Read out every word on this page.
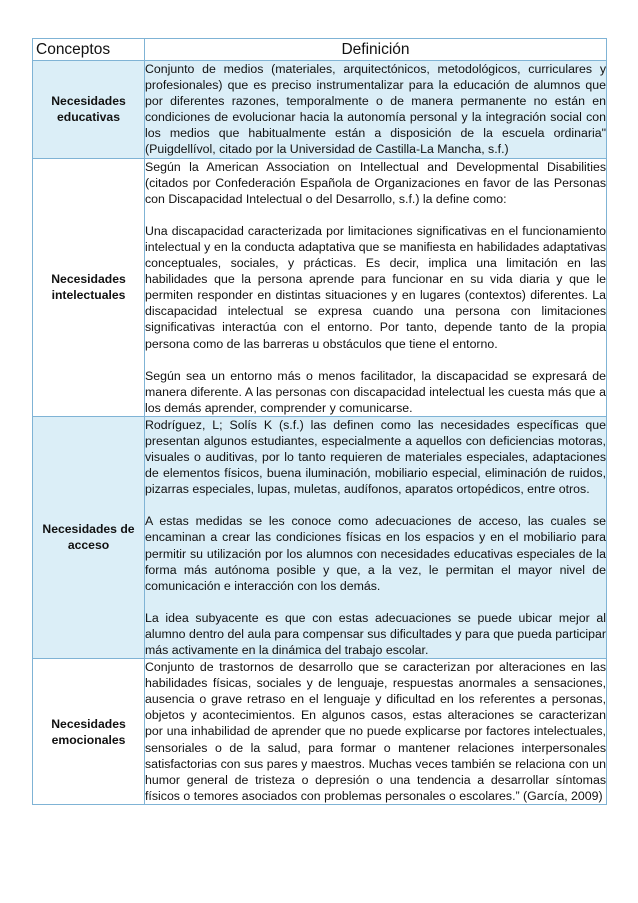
Conceptos	Definición
Necesidades educativas	Conjunto de medios (materiales, arquitectónicos, metodológicos, curriculares y profesionales) que es preciso instrumentalizar para la educación de alumnos que por diferentes razones, temporalmente o de manera permanente no están en condiciones de evolucionar hacia la autonomía personal y la integración social con los medios que habitualmente están a disposición de la escuela ordinaria" (Puigdellívol, citado por la Universidad de Castilla-La Mancha, s.f.)

Necesidades intelectuales	Según la American Association on Intellectual and Developmental Disabilities (citados por Confederación Española de Organizaciones en favor de las Personas con Discapacidad Intelectual o del Desarrollo, s.f.) la define como:

Una discapacidad caracterizada por limitaciones significativas en el funcionamiento intelectual y en la conducta adaptativa que se manifiesta en habilidades adaptativas conceptuales, sociales, y prácticas. Es decir, implica una limitación en las habilidades que la persona aprende para funcionar en su vida diaria y que le permiten responder en distintas situaciones y en lugares (contextos) diferentes. La discapacidad intelectual se expresa cuando una persona con limitaciones significativas interactúa con el entorno. Por tanto, depende tanto de la propia persona como de las barreras u obstáculos que tiene el entorno.

Según sea un entorno más o menos facilitador, la discapacidad se expresará de manera diferente. A las personas con discapacidad intelectual les cuesta más que a los demás aprender, comprender y comunicarse.

Necesidades de acceso	Rodríguez, L; Solís K (s.f.) las definen como las necesidades específicas que presentan algunos estudiantes, especialmente a aquellos con deficiencias motoras, visuales o auditivas, por lo tanto requieren de materiales especiales, adaptaciones de elementos físicos, buena iluminación, mobiliario especial, eliminación de ruidos, pizarras especiales, lupas, muletas, audífonos, aparatos ortopédicos, entre otros.

A estas medidas se les conoce como adecuaciones de acceso, las cuales se encaminan a crear las condiciones físicas en los espacios y en el mobiliario para permitir su utilización por los alumnos con necesidades educativas especiales de la forma más autónoma posible y que, a la vez, le permitan el mayor nivel de comunicación e interacción con los demás.

La idea subyacente es que con estas adecuaciones se puede ubicar mejor al alumno dentro del aula para compensar sus dificultades y para que pueda participar más activamente en la dinámica del trabajo escolar.

Necesidades emocionales	Conjunto de trastornos de desarrollo que se caracterizan por alteraciones en las habilidades físicas, sociales y de lenguaje, respuestas anormales a sensaciones, ausencia o grave retraso en el lenguaje y dificultad en los referentes a personas, objetos y acontecimientos. En algunos casos, estas alteraciones se caracterizan por una inhabilidad de aprender que no puede explicarse por factores intelectuales, sensoriales o de la salud, para formar o mantener relaciones interpersonales satisfactorias con sus pares y maestros. Muchas veces también se relaciona con un humor general de tristeza o depresión o una tendencia a desarrollar síntomas físicos o temores asociados con problemas personales o escolares.” (García, 2009)
